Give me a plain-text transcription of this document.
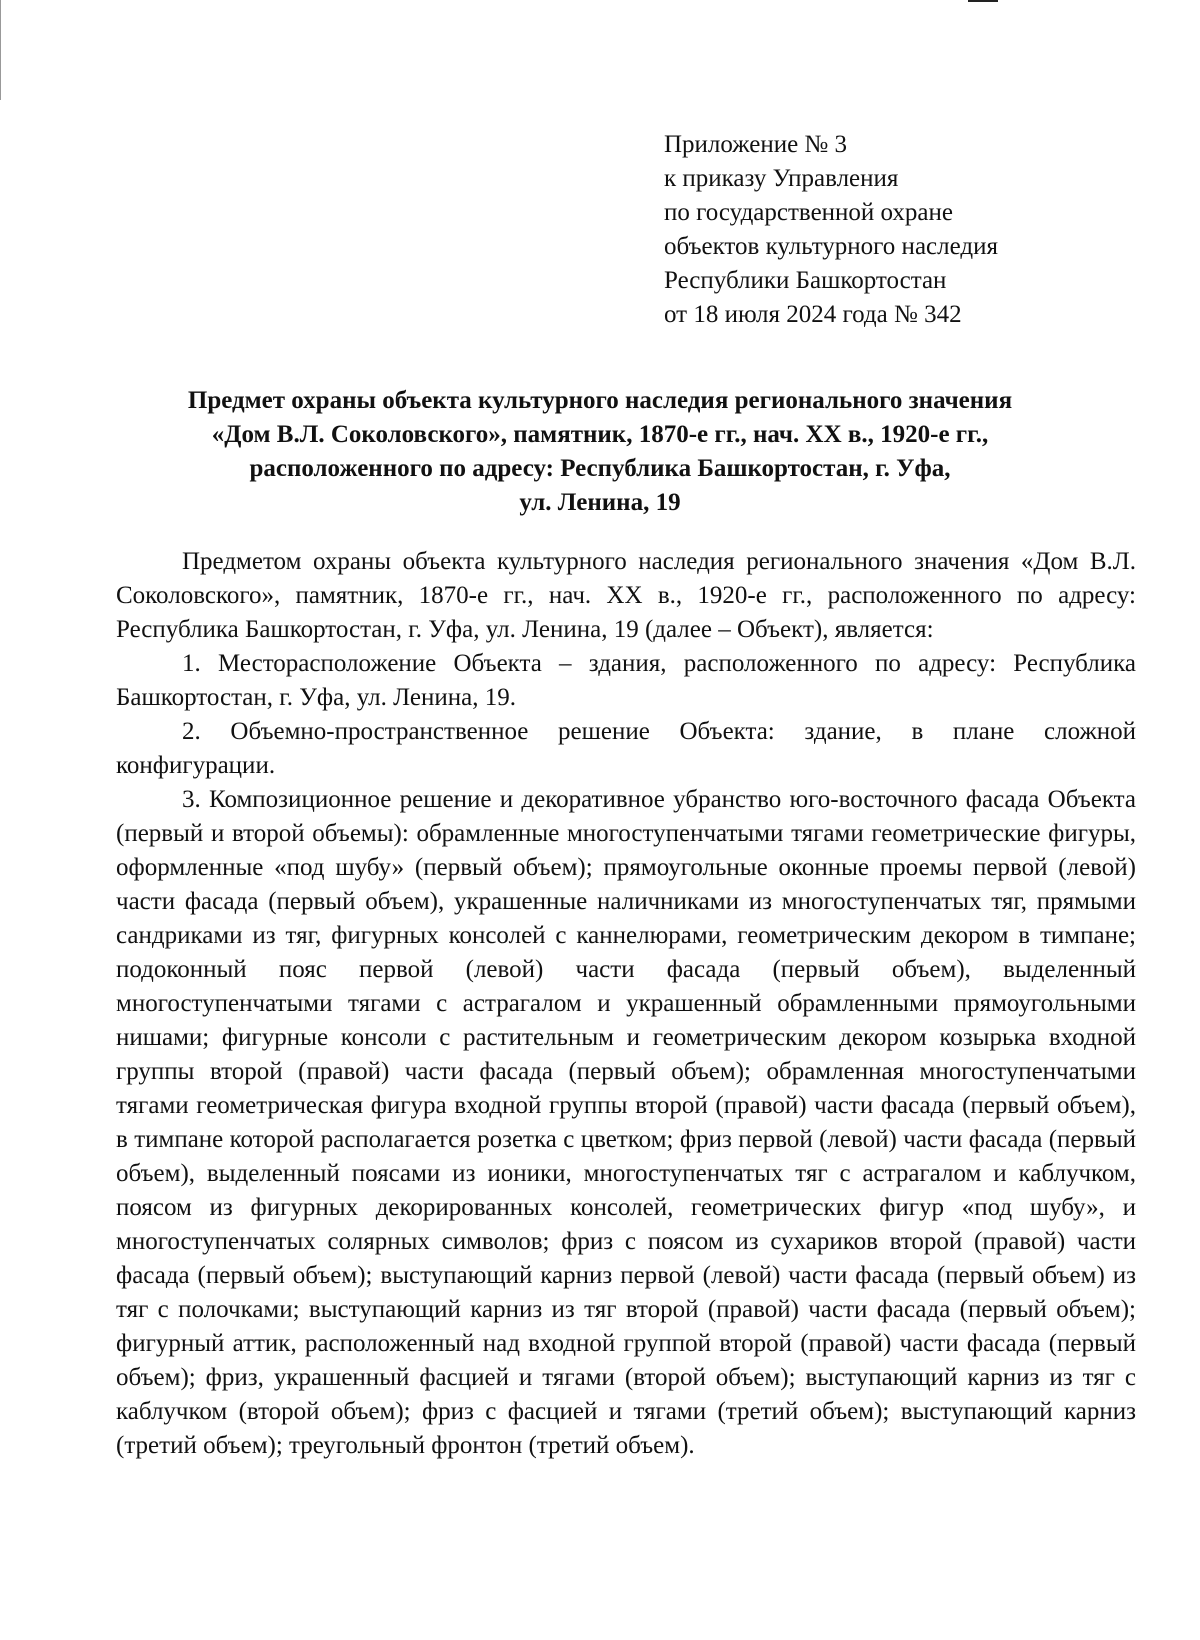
Приложение № 3
к приказу Управления
по государственной охране
объектов культурного наследия
Республики Башкортостан
от 18 июля 2024 года № 342
Предмет охраны объекта культурного наследия регионального значения
«Дом В.Л. Соколовского», памятник, 1870-е гг., нач. XX в., 1920-е гг.,
расположенного по адресу: Республика Башкортостан, г. Уфа,
ул. Ленина, 19

Предметом охраны объекта культурного наследия регионального значения «Дом В.Л. Соколовского», памятник, 1870-е гг., нач. XX в., 1920-е гг., расположенного по адресу: Республика Башкортостан, г. Уфа, ул. Ленина, 19 (далее – Объект), является:

1. Месторасположение Объекта – здания, расположенного по адресу: Республика Башкортостан, г. Уфа, ул. Ленина, 19.

2. Объемно-пространственное решение Объекта: здание, в плане сложной конфигурации.

3. Композиционное решение и декоративное убранство юго-восточного фасада Объекта (первый и второй объемы): обрамленные многоступенчатыми тягами геометрические фигуры, оформленные «под шубу» (первый объем); прямоугольные оконные проемы первой (левой) части фасада (первый объем), украшенные наличниками из многоступенчатых тяг, прямыми сандриками из тяг, фигурных консолей с каннелюрами, геометрическим декором в тимпане; подоконный пояс первой (левой) части фасада (первый объем), выделенный многоступенчатыми тягами с астрагалом и украшенный обрамленными прямоугольными нишами; фигурные консоли с растительным и геометрическим декором козырька входной группы второй (правой) части фасада (первый объем); обрамленная многоступенчатыми тягами геометрическая фигура входной группы второй (правой) части фасада (первый объем), в тимпане которой располагается розетка с цветком; фриз первой (левой) части фасада (первый объем), выделенный поясами из ионики, многоступенчатых тяг с астрагалом и каблучком, поясом из фигурных декорированных консолей, геометрических фигур «под шубу», и многоступенчатых солярных символов; фриз с поясом из сухариков второй (правой) части фасада (первый объем); выступающий карниз первой (левой) части фасада (первый объем) из тяг с полочками; выступающий карниз из тяг второй (правой) части фасада (первый объем); фигурный аттик, расположенный над входной группой второй (правой) части фасада (первый объем); фриз, украшенный фасцией и тягами (второй объем); выступающий карниз из тяг с каблучком (второй объем); фриз с фасцией и тягами (третий объем); выступающий карниз (третий объем); треугольный фронтон (третий объем).
